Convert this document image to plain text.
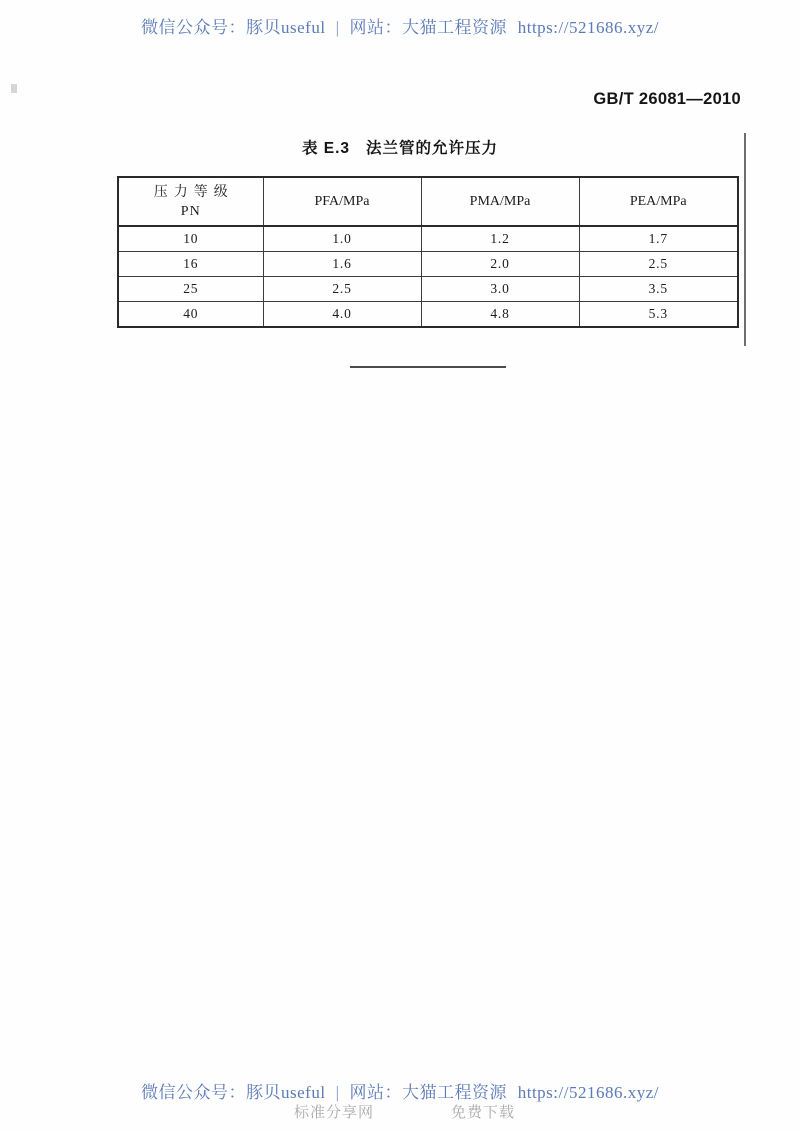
微信公众号：豚贝useful | 网站：大猫工程资源 https://521686.xyz/
GB/T 26081—2010
表 E.3 法兰管的允许压力
压力等级
PN	PFA/MPa	PMA/MPa	PEA/MPa
10	1.0	1.2	1.7
16	1.6	2.0	2.5
25	2.5	3.0	3.5
40	4.0	4.8	5.3
微信公众号：豚贝useful | 网站：大猫工程资源 https://521686.xyz/
标准分享网	免费下载
